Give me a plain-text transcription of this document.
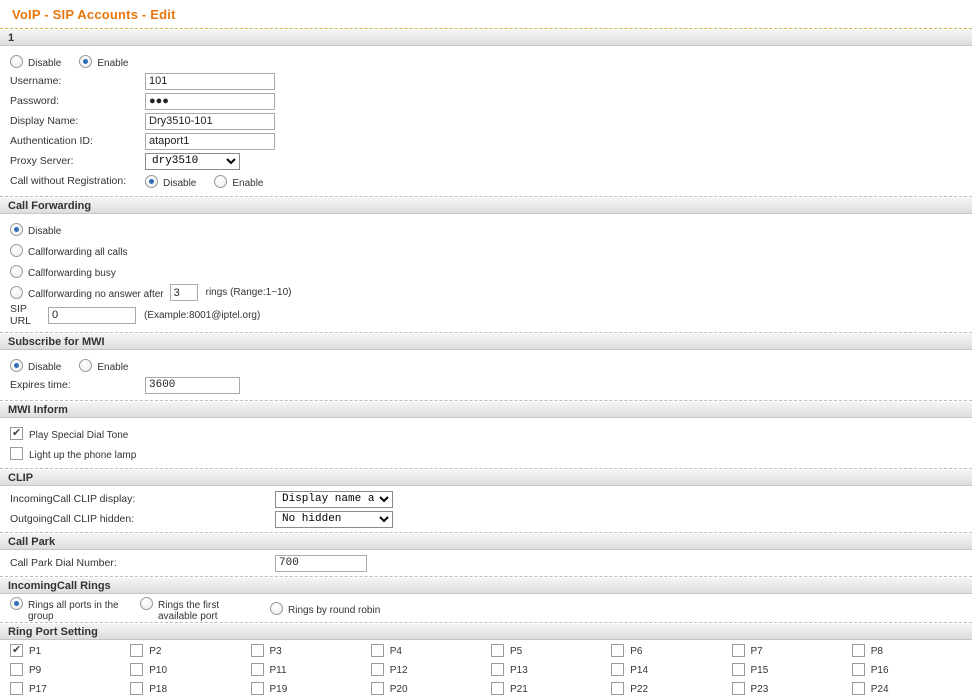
VoIP - SIP Accounts - Edit
1
Disable	Enable
Username:
101
Password:
●●●
Display Name:
Dry3510-101
Authentication ID:
ataport1
Proxy Server:
dry3510
Call without Registration:	Disable	Enable
Call Forwarding
Disable
Callforwarding all calls
Callforwarding busy
Callforwarding no answer after
3	rings (Range:1~10)
SIP URL
0	(Example:8001@iptel.org)
Subscribe for MWI
Disable	Enable
Expires time:
3600
MWI Inform
Play Special Dial Tone
Light up the phone lamp
CLIP
IncomingCall CLIP display:
Display name and number
OutgoingCall CLIP hidden:
No hidden
Call Park
Call Park Dial Number:
700
IncomingCall Rings
Rings all ports in the group
Rings the first available port
Rings by round robin
Ring Port Setting
P1	P2	P3	P4	P5	P6	P7	P8
P9	P10	P11	P12	P13	P14	P15	P16
P17	P18	P19	P20	P21	P22	P23	P24
